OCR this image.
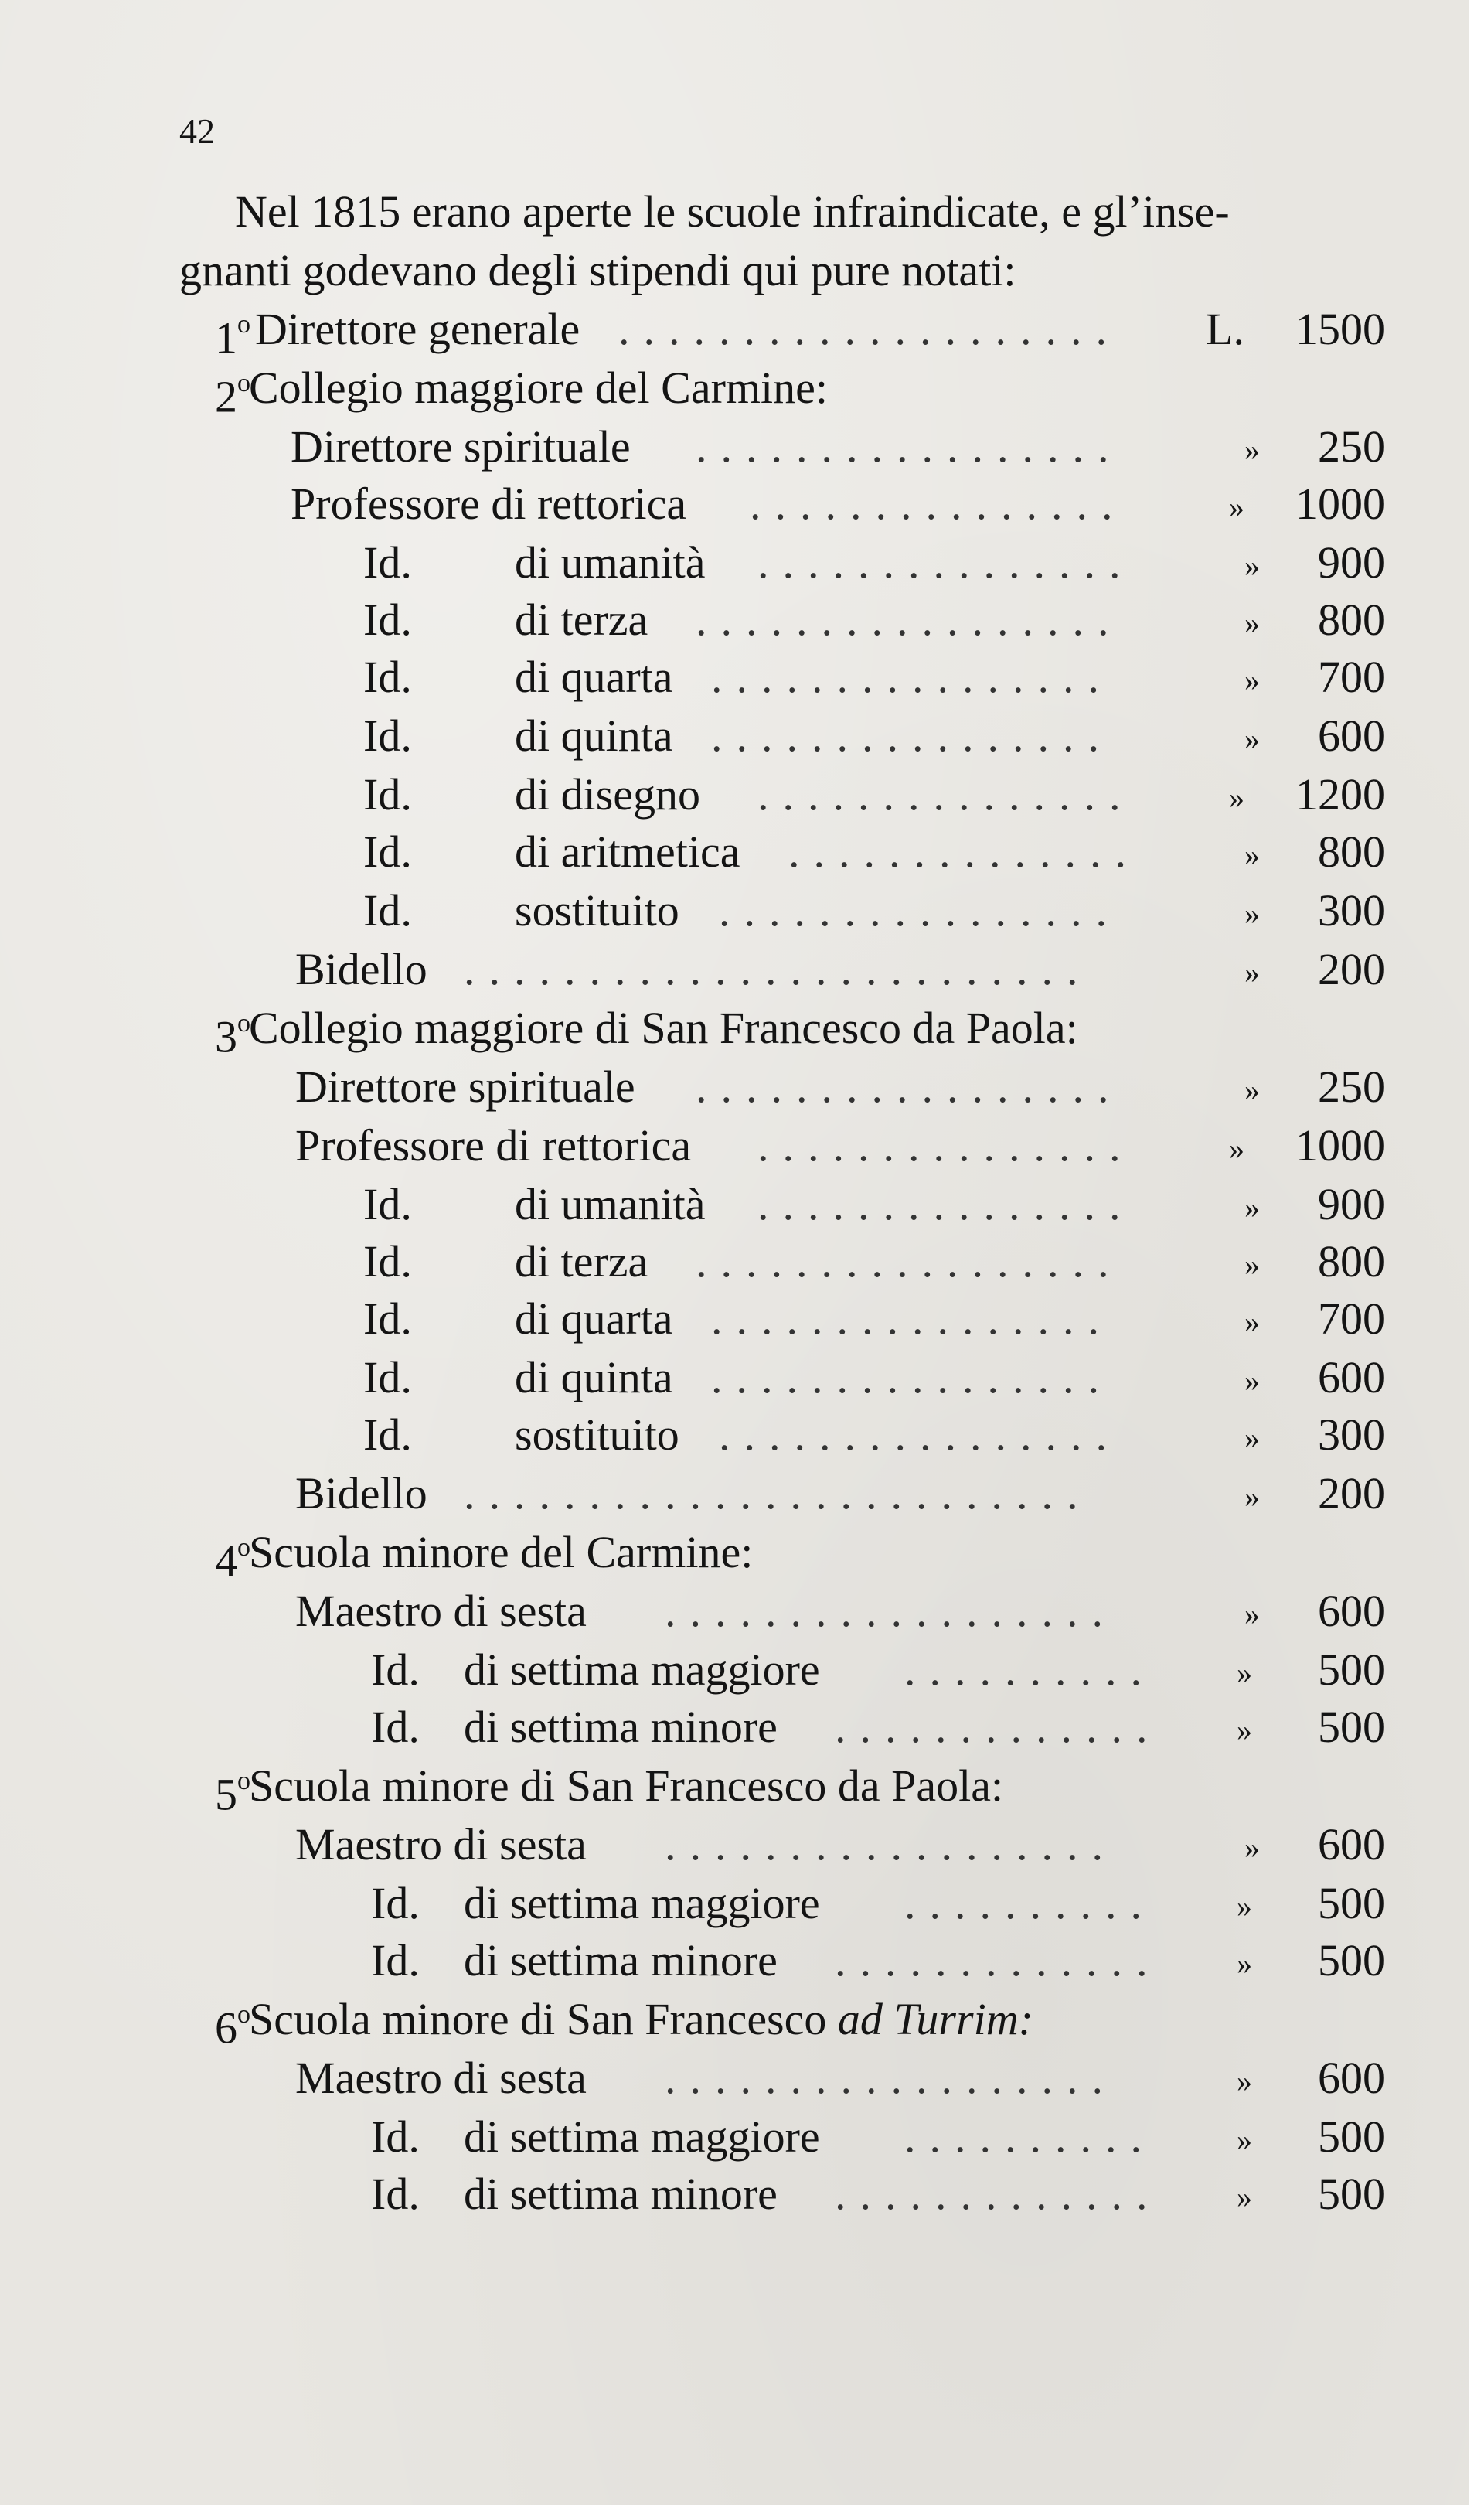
42
Nel 1815 erano aperte le scuole infraindicate, e gl’inse-
gnanti godevano degli stipendi qui pure notati:
1$^o$ Direttore generale ....................	L. 1500
2$^o$
Collegio maggiore del Carmine:
Direttore spirituale .................	» 250
Professore di rettorica ...............	» 1000
Id. di umanità ...............	» 900
Id. di terza .................	» 800
Id. di quarta ................	» 700
Id. di quinta ................	» 600
Id. di disegno ...............	» 1200
Id. di aritmetica ..............	» 800
Id. sostituito ................	» 300
Bidello .........................	» 200
3$^o$
Collegio maggiore di San Francesco da Paola:
Direttore spirituale .................	» 250
Professore di rettorica ...............	» 1000
Id. di umanità ...............	» 900
Id. di terza .................	» 800
Id. di quarta ................	» 700
Id. di quinta ................	» 600
Id. sostituito ................	» 300
Bidello .........................	» 200
4$^o$
Scuola minore del Carmine:
Maestro di sesta ..................	» 600
Id. di settima maggiore ..........	» 500
Id. di settima minore .............	» 500
5$^o$
Scuola minore di San Francesco da Paola:
Maestro di sesta ..................	» 600
Id. di settima maggiore ..........	» 500
Id. di settima minore .............	» 500
6$^o$
Scuola minore di San Francesco ad Turrim:
Maestro di sesta ..................	» 600
Id. di settima maggiore ..........	» 500
Id. di settima minore .............	» 500
